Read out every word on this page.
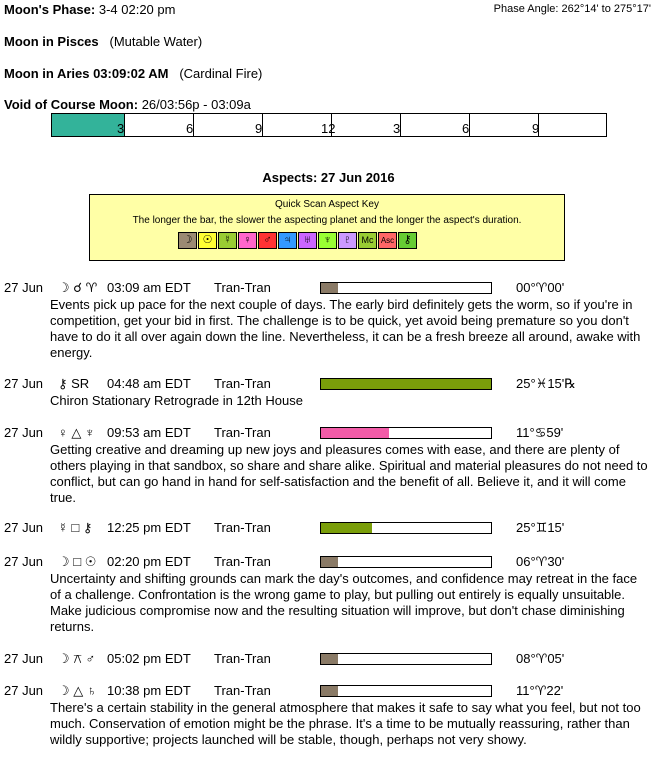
Moon's Phase: 3-4 02:20 pm	Phase Angle: 262°14' to 275°17'
Moon in Pisces (Mutable Water)
Moon in Aries 03:09:02 AM (Cardinal Fire)
Void of Course Moon: 26/03:56p - 03:09a
3	6	9	12	3	6	9
Aspects: 27 Jun 2016
Quick Scan Aspect Key
The longer the bar, the slower the aspecting planet and the longer the aspect's duration.
☽ ☉ ☿ ♀ ♂ ♃ ♅ ♆ ♇ Mc Asc ⚷
27 Jun ☽ ☌ ♈ 03:09 am EDT Tran-Tran	00°♈00'
Events pick up pace for the next couple of days. The early bird definitely gets the worm, so if you're in competition, get your bid in first. The challenge is to be quick, yet avoid being premature so you don't have to do it all over again down the line. Nevertheless, it can be a fresh breeze all around, awake with energy.
27 Jun ⚷ SR 04:48 am EDT Tran-Tran	25°♓15'℞
Chiron Stationary Retrograde in 12th House
27 Jun ♀ △ ♆ 09:53 am EDT Tran-Tran	11°♋59'
Getting creative and dreaming up new joys and pleasures comes with ease, and there are plenty of others playing in that sandbox, so share and share alike. Spiritual and material pleasures do not need to conflict, but can go hand in hand for self-satisfaction and the benefit of all. Believe it, and it will come true.
27 Jun ☿ □ ⚷ 12:25 pm EDT Tran-Tran	25°♊15'
27 Jun ☽ □ ☉ 02:20 pm EDT Tran-Tran	06°♈30'
Uncertainty and shifting grounds can mark the day's outcomes, and confidence may retreat in the face of a challenge. Confrontation is the wrong game to play, but pulling out entirely is equally unsuitable. Make judicious compromise now and the resulting situation will improve, but don't chase diminishing returns.
27 Jun ☽ ⚻ ♂ 05:02 pm EDT Tran-Tran	08°♈05'
27 Jun ☽ △ ♄ 10:38 pm EDT Tran-Tran	11°♈22'
There's a certain stability in the general atmosphere that makes it safe to say what you feel, but not too much. Conservation of emotion might be the phrase. It's a time to be mutually reassuring, rather than wildly supportive; projects launched will be stable, though, perhaps not very showy.
